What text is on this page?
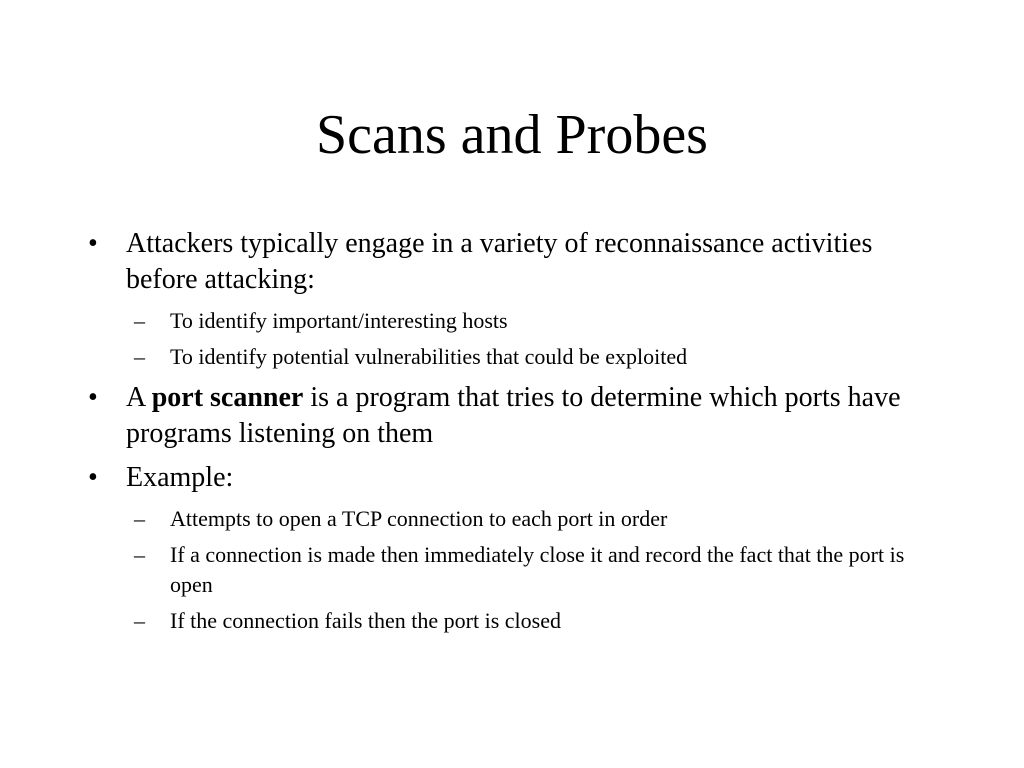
Scans and Probes
•	Attackers typically engage in a variety of reconnaissance activities before attacking:
–	To identify important/interesting hosts
–	To identify potential vulnerabilities that could be exploited
•	A port scanner is a program that tries to determine which ports have programs listening on them
•	Example:
–	Attempts to open a TCP connection to each port in order
–	If a connection is made then immediately close it and record the fact that the port is open
–	If the connection fails then the port is closed
